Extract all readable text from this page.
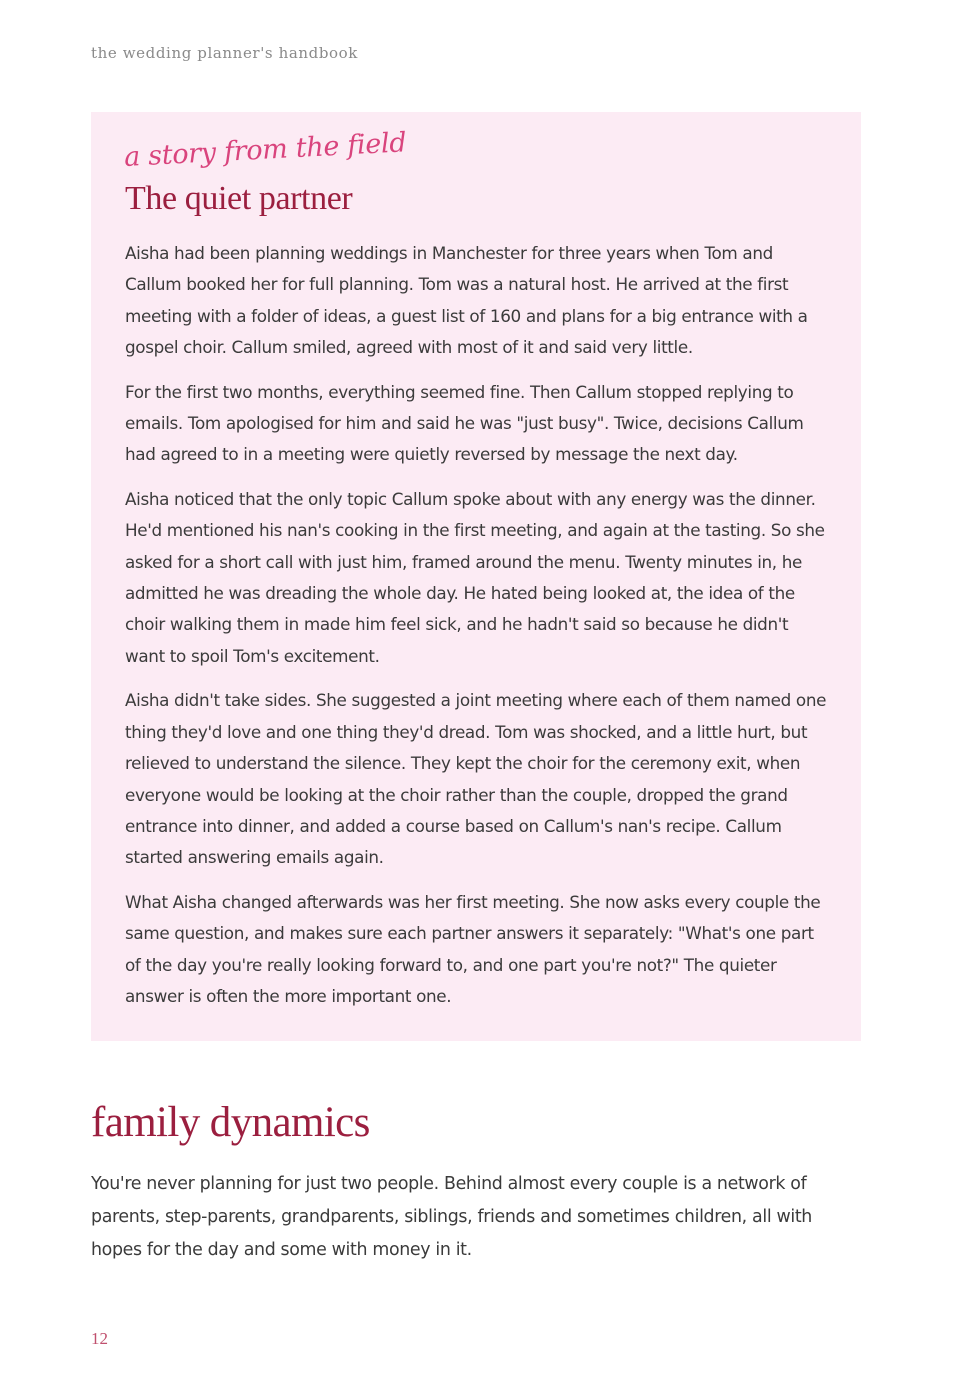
the wedding planner's handbook
a story from the field
The quiet partner

Aisha had been planning weddings in Manchester for three years when Tom and Callum booked her for full planning. Tom was a natural host. He arrived at the first meeting with a folder of ideas, a guest list of 160 and plans for a big entrance with a gospel choir. Callum smiled, agreed with most of it and said very little.

For the first two months, everything seemed fine. Then Callum stopped replying to emails. Tom apologised for him and said he was "just busy". Twice, decisions Callum had agreed to in a meeting were quietly reversed by message the next day.

Aisha noticed that the only topic Callum spoke about with any energy was the dinner. He'd mentioned his nan's cooking in the first meeting, and again at the tasting. So she asked for a short call with just him, framed around the menu. Twenty minutes in, he admitted he was dreading the whole day. He hated being looked at, the idea of the choir walking them in made him feel sick, and he hadn't said so because he didn't want to spoil Tom's excitement.

Aisha didn't take sides. She suggested a joint meeting where each of them named one thing they'd love and one thing they'd dread. Tom was shocked, and a little hurt, but relieved to understand the silence. They kept the choir for the ceremony exit, when everyone would be looking at the choir rather than the couple, dropped the grand entrance into dinner, and added a course based on Callum's nan's recipe. Callum started answering emails again.

What Aisha changed afterwards was her first meeting. She now asks every couple the same question, and makes sure each partner answers it separately: "What's one part of the day you're really looking forward to, and one part you're not?" The quieter answer is often the more important one.

family dynamics

You're never planning for just two people. Behind almost every couple is a network of parents, step-parents, grandparents, siblings, friends and sometimes children, all with hopes for the day and some with money in it.

12
